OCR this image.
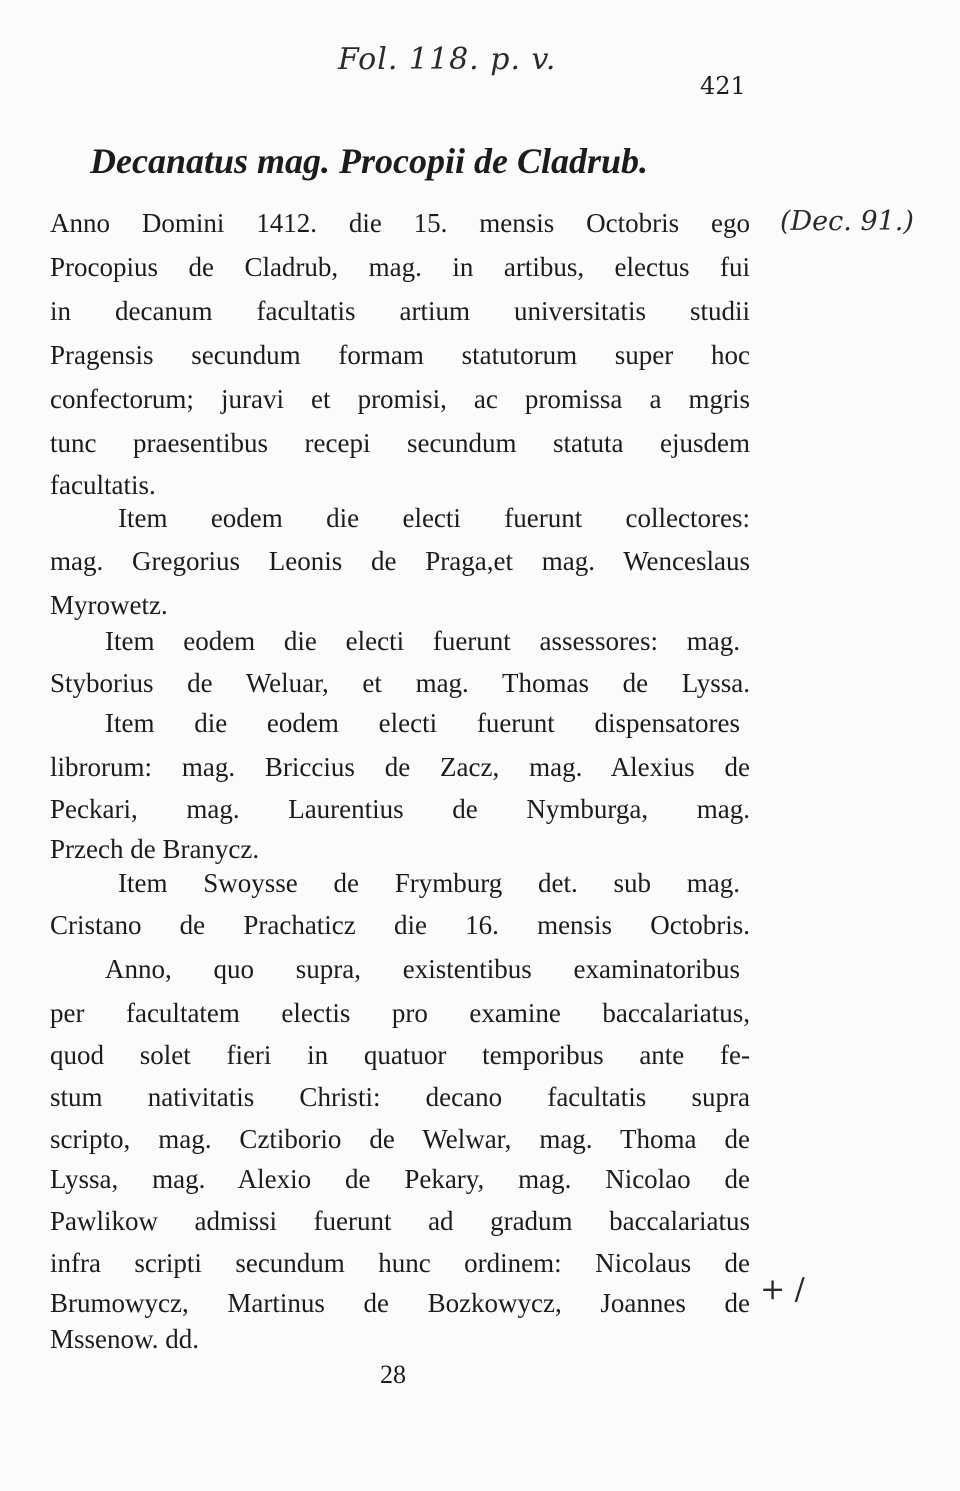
Fol. 118. p. v.
421
Decanatus mag. Procopii de Cladrub.
(Dec. 91.)
Anno Domini 1412. die 15. mensis Octobris ego
Procopius de Cladrub, mag. in artibus, electus fui
in decanum facultatis artium universitatis studii
Pragensis secundum formam statutorum super hoc
confectorum; juravi et promisi, ac promissa a mgris
tunc praesentibus recepi secundum statuta ejusdem
facultatis.
Item eodem die electi fuerunt collectores:
mag. Gregorius Leonis de Praga,et mag. Wenceslaus
Myrowetz.
Item eodem die electi fuerunt assessores: mag.
Styborius de Weluar, et mag. Thomas de Lyssa.
Item die eodem electi fuerunt dispensatores
librorum: mag. Briccius de Zacz, mag. Alexius de
Peckari, mag. Laurentius de Nymburga, mag.
Przech de Branycz.
Item Swoysse de Frymburg det. sub mag.
Cristano de Prachaticz die 16. mensis Octobris.
Anno, quo supra, existentibus examinatoribus
per facultatem electis pro examine baccalariatus,
quod solet fieri in quatuor temporibus ante fe-
stum nativitatis Christi: decano facultatis supra
scripto, mag. Cztiborio de Welwar, mag. Thoma de
Lyssa, mag. Alexio de Pekary, mag. Nicolao de
Pawlikow admissi fuerunt ad gradum baccalariatus
infra scripti secundum hunc ordinem: Nicolaus de
Brumowycz, Martinus de Bozkowycz, Joannes de
Mssenow. dd.
+ /
28
